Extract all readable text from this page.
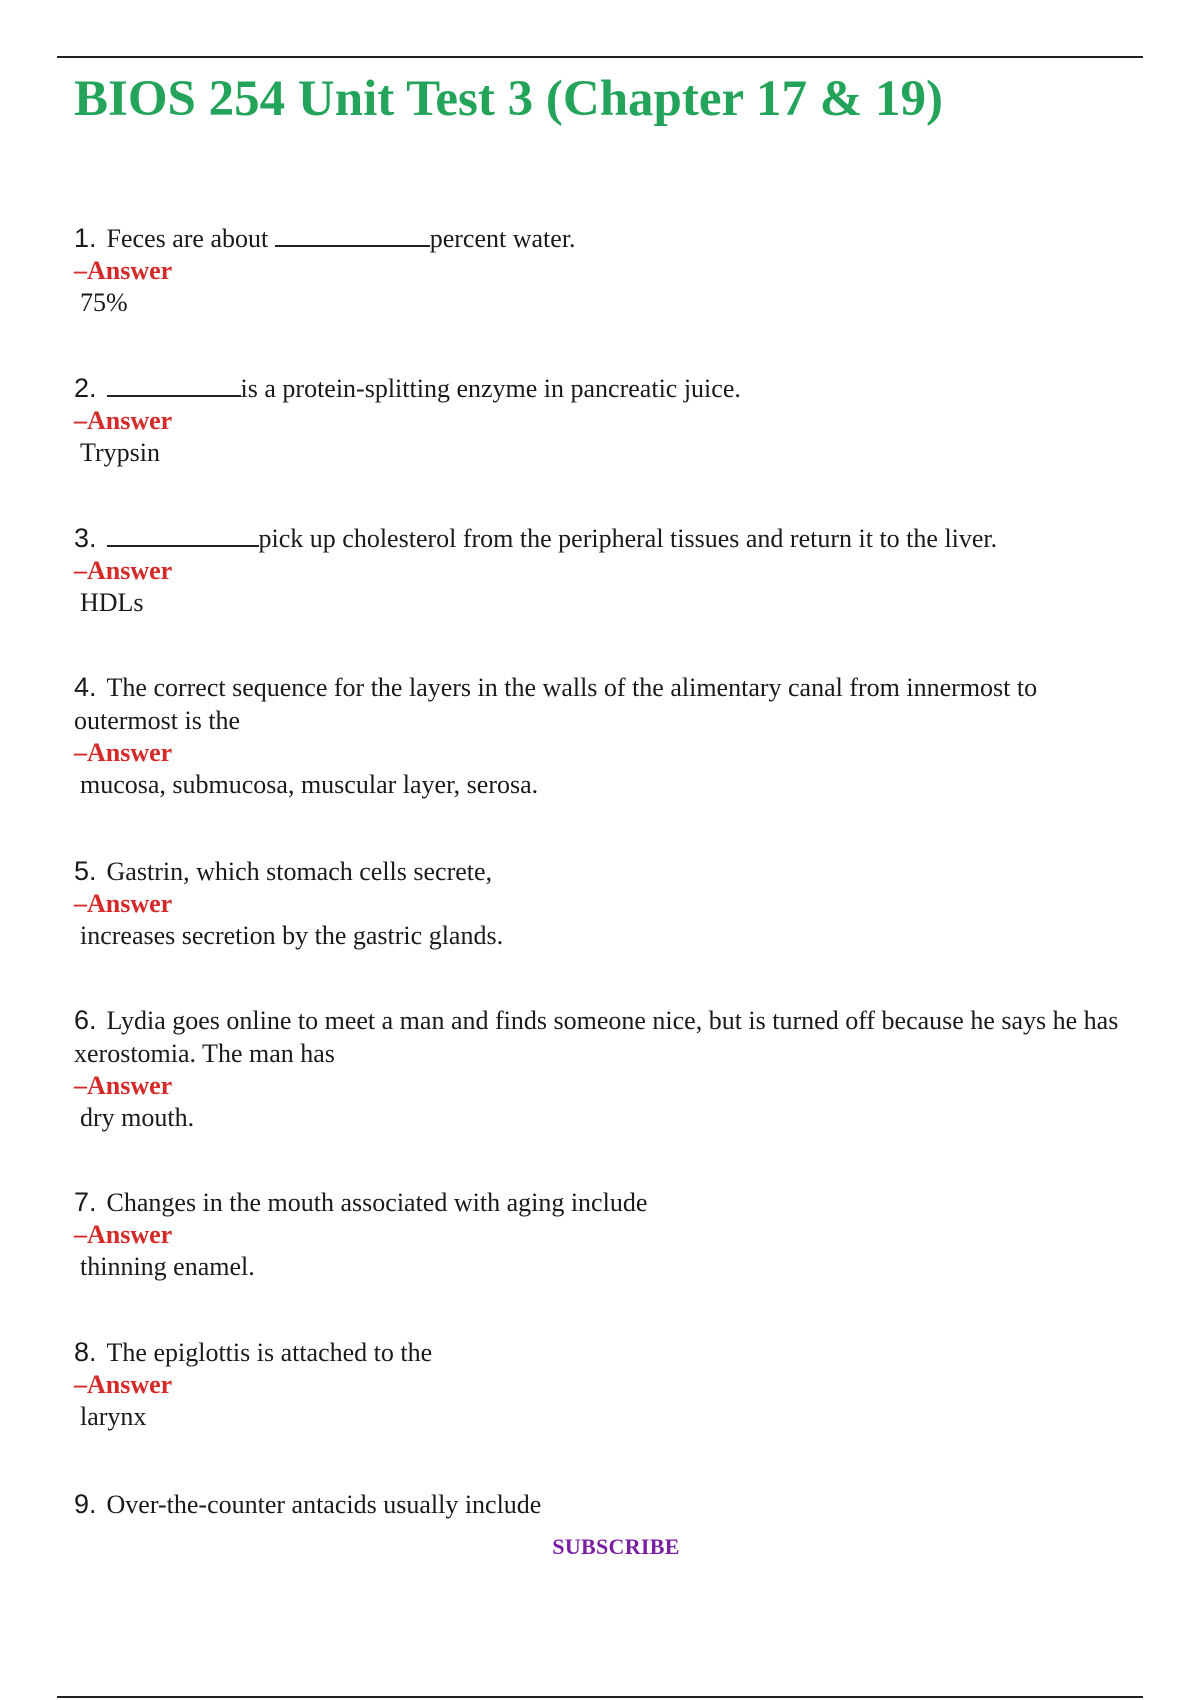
BIOS 254 Unit Test 3 (Chapter 17 & 19)
1. Feces are about	percent water.
–Answer
75%
2.	is a protein-splitting enzyme in pancreatic juice.
–Answer
Trypsin
3.	pick up cholesterol from the peripheral tissues and return it to the liver.
–Answer
HDLs
4. The correct sequence for the layers in the walls of the alimentary canal from innermost to outermost is the
–Answer
mucosa, submucosa, muscular layer, serosa.
5. Gastrin, which stomach cells secrete,
–Answer
increases secretion by the gastric glands.
6. Lydia goes online to meet a man and finds someone nice, but is turned off because he says he has xerostomia. The man has
–Answer
dry mouth.
7. Changes in the mouth associated with aging include
–Answer
thinning enamel.
8. The epiglottis is attached to the
–Answer
larynx
9. Over-the-counter antacids usually include
SUBSCRIBE
